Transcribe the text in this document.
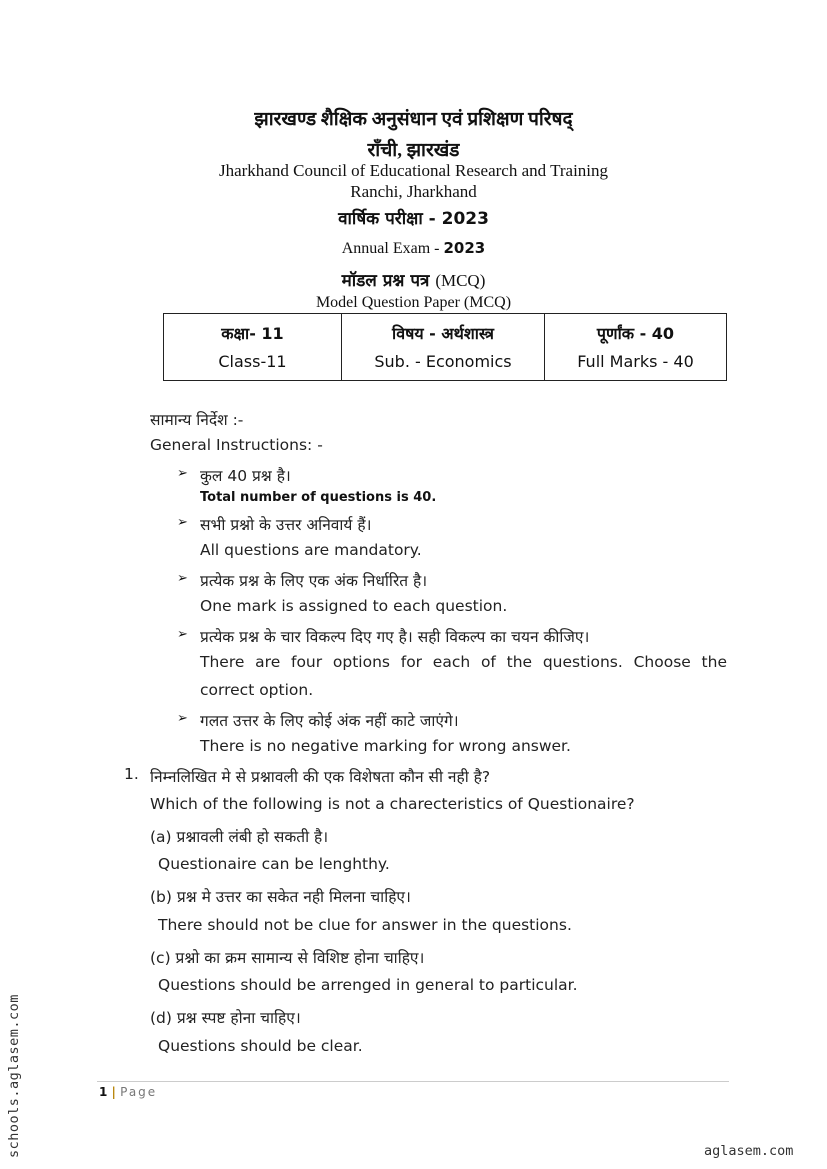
झारखण्ड शैक्षिक अनुसंधान एवं प्रशिक्षण परिषद्
राँची, झारखंड
Jharkhand Council of Educational Research and Training
Ranchi, Jharkhand
वार्षिक परीक्षा - 2023
Annual Exam - 2023
मॉडल प्रश्न पत्र (MCQ)
Model Question Paper (MCQ)
कक्षा- 11	विषय - अर्थशास्त्र	पूर्णांक - 40
Class-11	Sub. - Economics	Full Marks - 40
सामान्य निर्देश :-
General Instructions: -
➢ कुल 40 प्रश्न है।
Total number of questions is 40.
➢ सभी प्रश्नो के उत्तर अनिवार्य हैं।
All questions are mandatory.
➢ प्रत्येक प्रश्न के लिए एक अंक निर्धारित है।
One mark is assigned to each question.
➢ प्रत्येक प्रश्न के चार विकल्प दिए गए है। सही विकल्प का चयन कीजिए।
There are four options for each of the questions. Choose the
correct option.
➢ गलत उत्तर के लिए कोई अंक नहीं काटे जाएंगे।
There is no negative marking for wrong answer.
1. निम्नलिखित मे से प्रश्नावली की एक विशेषता कौन सी नही है?
Which of the following is not a charecteristics of Questionaire?
(a) प्रश्नावली लंबी हो सकती है।
Questionaire can be lenghthy.
(b) प्रश्न मे उत्तर का सकेत नही मिलना चाहिए।
There should not be clue for answer in the questions.
(c) प्रश्नो का क्रम सामान्य से विशिष्ट होना चाहिए।
Questions should be arrenged in general to particular.
(d) प्रश्न स्पष्ट होना चाहिए।
Questions should be clear.
1 | Page
schools.aglasem.com	aglasem.com
